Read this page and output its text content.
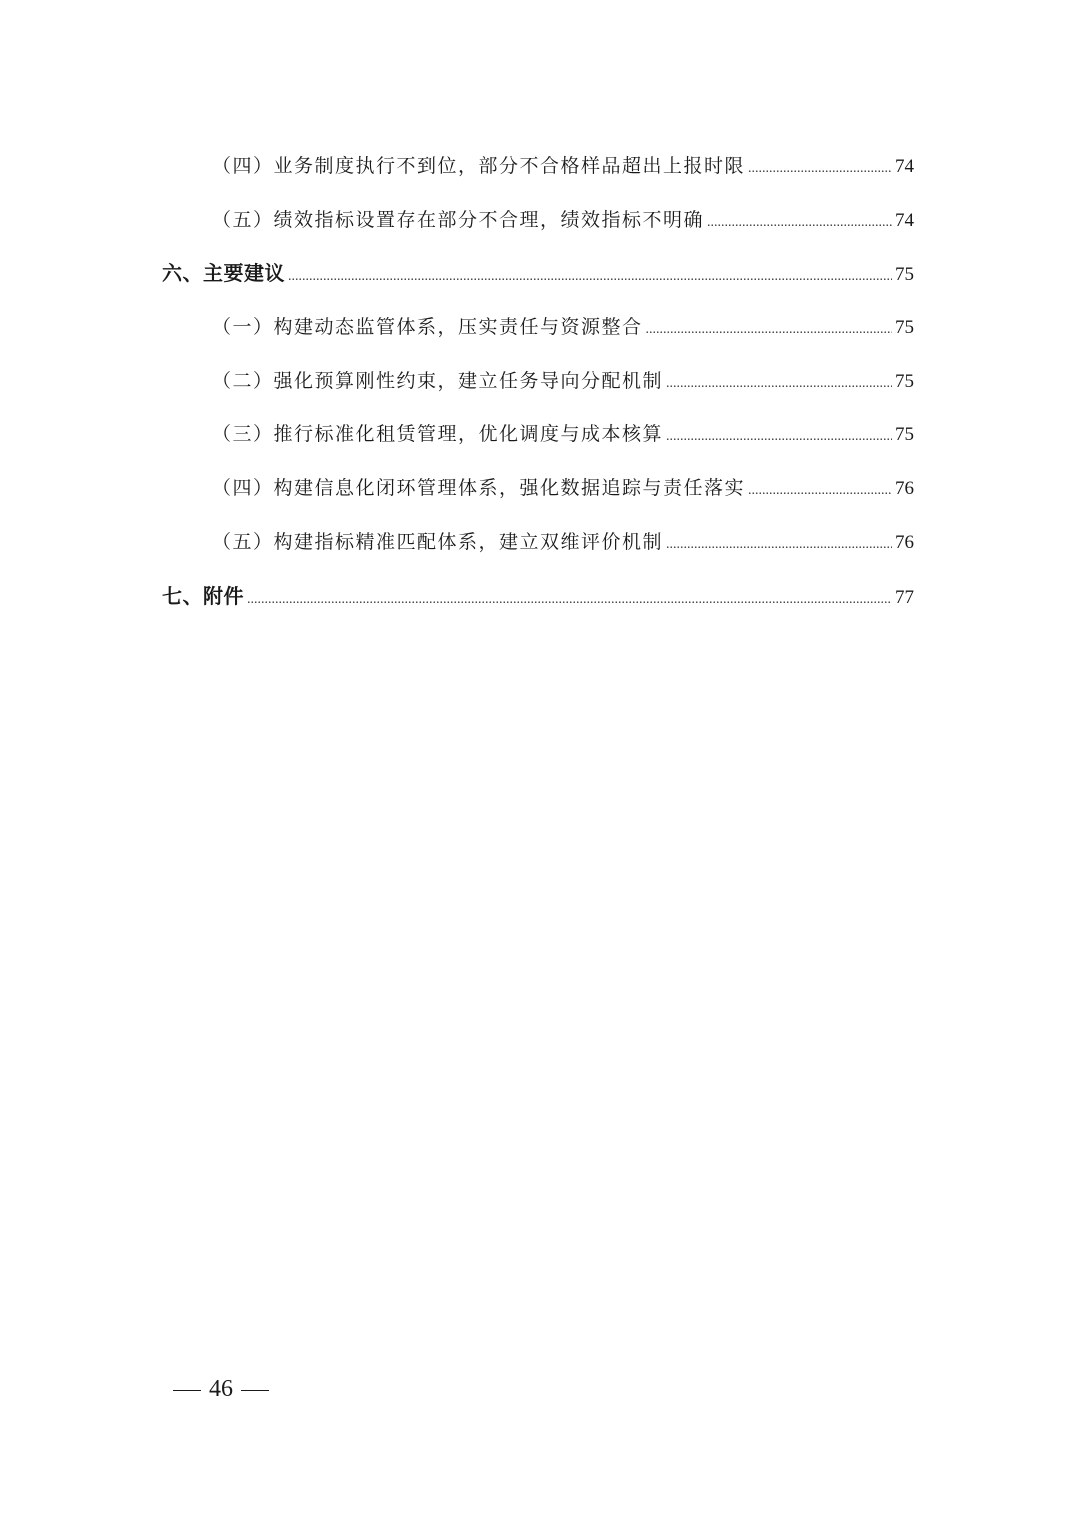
（四）业务制度执行不到位，部分不合格样品超出上报时限 .....	74
（五）绩效指标设置存在部分不合理，绩效指标不明确 .....	74
六、主要建议 .....	75
（一）构建动态监管体系，压实责任与资源整合 .....	75
（二）强化预算刚性约束，建立任务导向分配机制 .....	75
（三）推行标准化租赁管理，优化调度与成本核算 .....	75
（四）构建信息化闭环管理体系，强化数据追踪与责任落实 .....	76
（五）构建指标精准匹配体系，建立双维评价机制 .....	76
七、附件 .....	77
46
